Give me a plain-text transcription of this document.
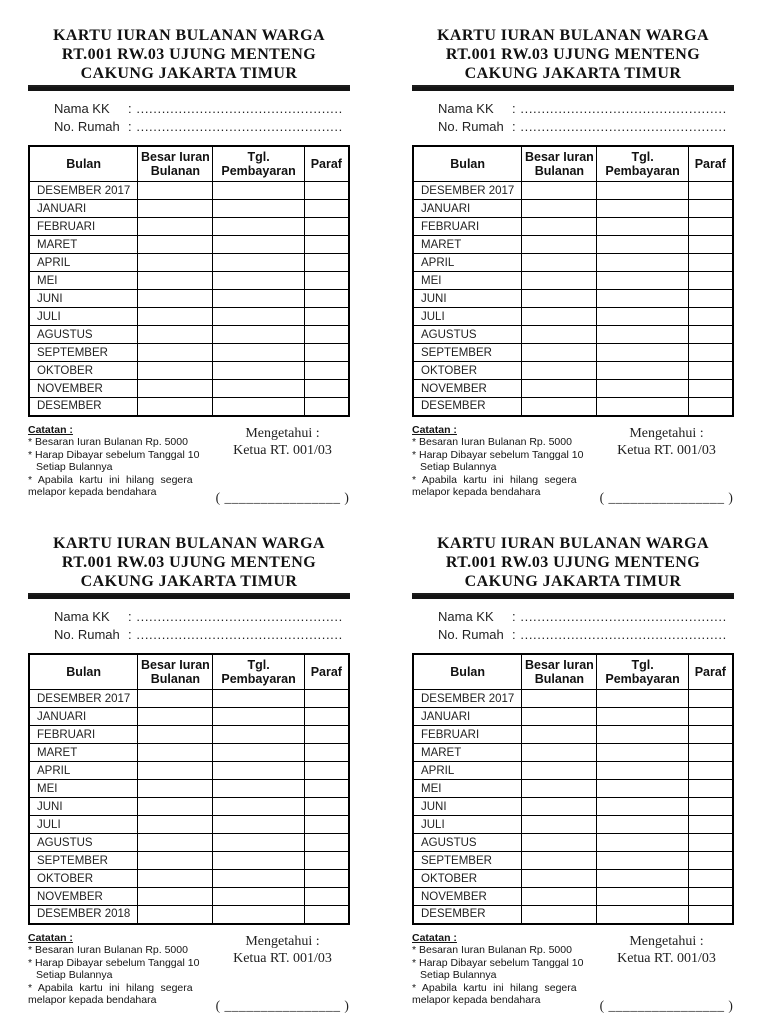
KARTU IURAN BULANAN WARGA
RT.001 RW.03 UJUNG MENTENG
CAKUNG JAKARTA TIMUR
Nama KK	: .................................................
No. Rumah : .................................................
Bulan	Besar Iuran
Bulanan

Tgl.
Pembayaran	Paraf
DESEMBER 2017			
JANUARI			
FEBRUARI			
MARET			
APRIL			
MEI			
JUNI			
JULI			
AGUSTUS			
SEPTEMBER			
OKTOBER			
NOVEMBER			
DESEMBER			
Catatan :
* Besaran Iuran Bulanan Rp. 5000
* Harap Dibayar sebelum Tanggal 10
Setiap Bulannya
* Apabila kartu ini hilang segera
melapor kepada bendahara
Mengetahui :
Ketua RT. 001/03
( ________________ )
KARTU IURAN BULANAN WARGA
RT.001 RW.03 UJUNG MENTENG
CAKUNG JAKARTA TIMUR
Nama KK	: .................................................
No. Rumah : .................................................
Bulan	Besar Iuran
Bulanan

Tgl.
Pembayaran	Paraf
DESEMBER 2017			
JANUARI			
FEBRUARI			
MARET			
APRIL			
MEI			
JUNI			
JULI			
AGUSTUS			
SEPTEMBER			
OKTOBER			
NOVEMBER			
DESEMBER			
Catatan :
* Besaran Iuran Bulanan Rp. 5000
* Harap Dibayar sebelum Tanggal 10
Setiap Bulannya
* Apabila kartu ini hilang segera
melapor kepada bendahara
Mengetahui :
Ketua RT. 001/03
( ________________ )
KARTU IURAN BULANAN WARGA
RT.001 RW.03 UJUNG MENTENG
CAKUNG JAKARTA TIMUR
Nama KK	: .................................................
No. Rumah : .................................................
Bulan	Besar Iuran
Bulanan

Tgl.
Pembayaran	Paraf
DESEMBER 2017			
JANUARI			
FEBRUARI			
MARET			
APRIL			
MEI			
JUNI			
JULI			
AGUSTUS			
SEPTEMBER			
OKTOBER			
NOVEMBER			
DESEMBER 2018			
Catatan :
* Besaran Iuran Bulanan Rp. 5000
* Harap Dibayar sebelum Tanggal 10
Setiap Bulannya
* Apabila kartu ini hilang segera
melapor kepada bendahara
Mengetahui :
Ketua RT. 001/03
( ________________ )
KARTU IURAN BULANAN WARGA
RT.001 RW.03 UJUNG MENTENG
CAKUNG JAKARTA TIMUR
Nama KK	: .................................................
No. Rumah : .................................................
Bulan	Besar Iuran
Bulanan

Tgl.
Pembayaran	Paraf
DESEMBER 2017			
JANUARI			
FEBRUARI			
MARET			
APRIL			
MEI			
JUNI			
JULI			
AGUSTUS			
SEPTEMBER			
OKTOBER			
NOVEMBER			
DESEMBER			
Catatan :
* Besaran Iuran Bulanan Rp. 5000
* Harap Dibayar sebelum Tanggal 10
Setiap Bulannya
* Apabila kartu ini hilang segera
melapor kepada bendahara
Mengetahui :
Ketua RT. 001/03
( ________________ )
